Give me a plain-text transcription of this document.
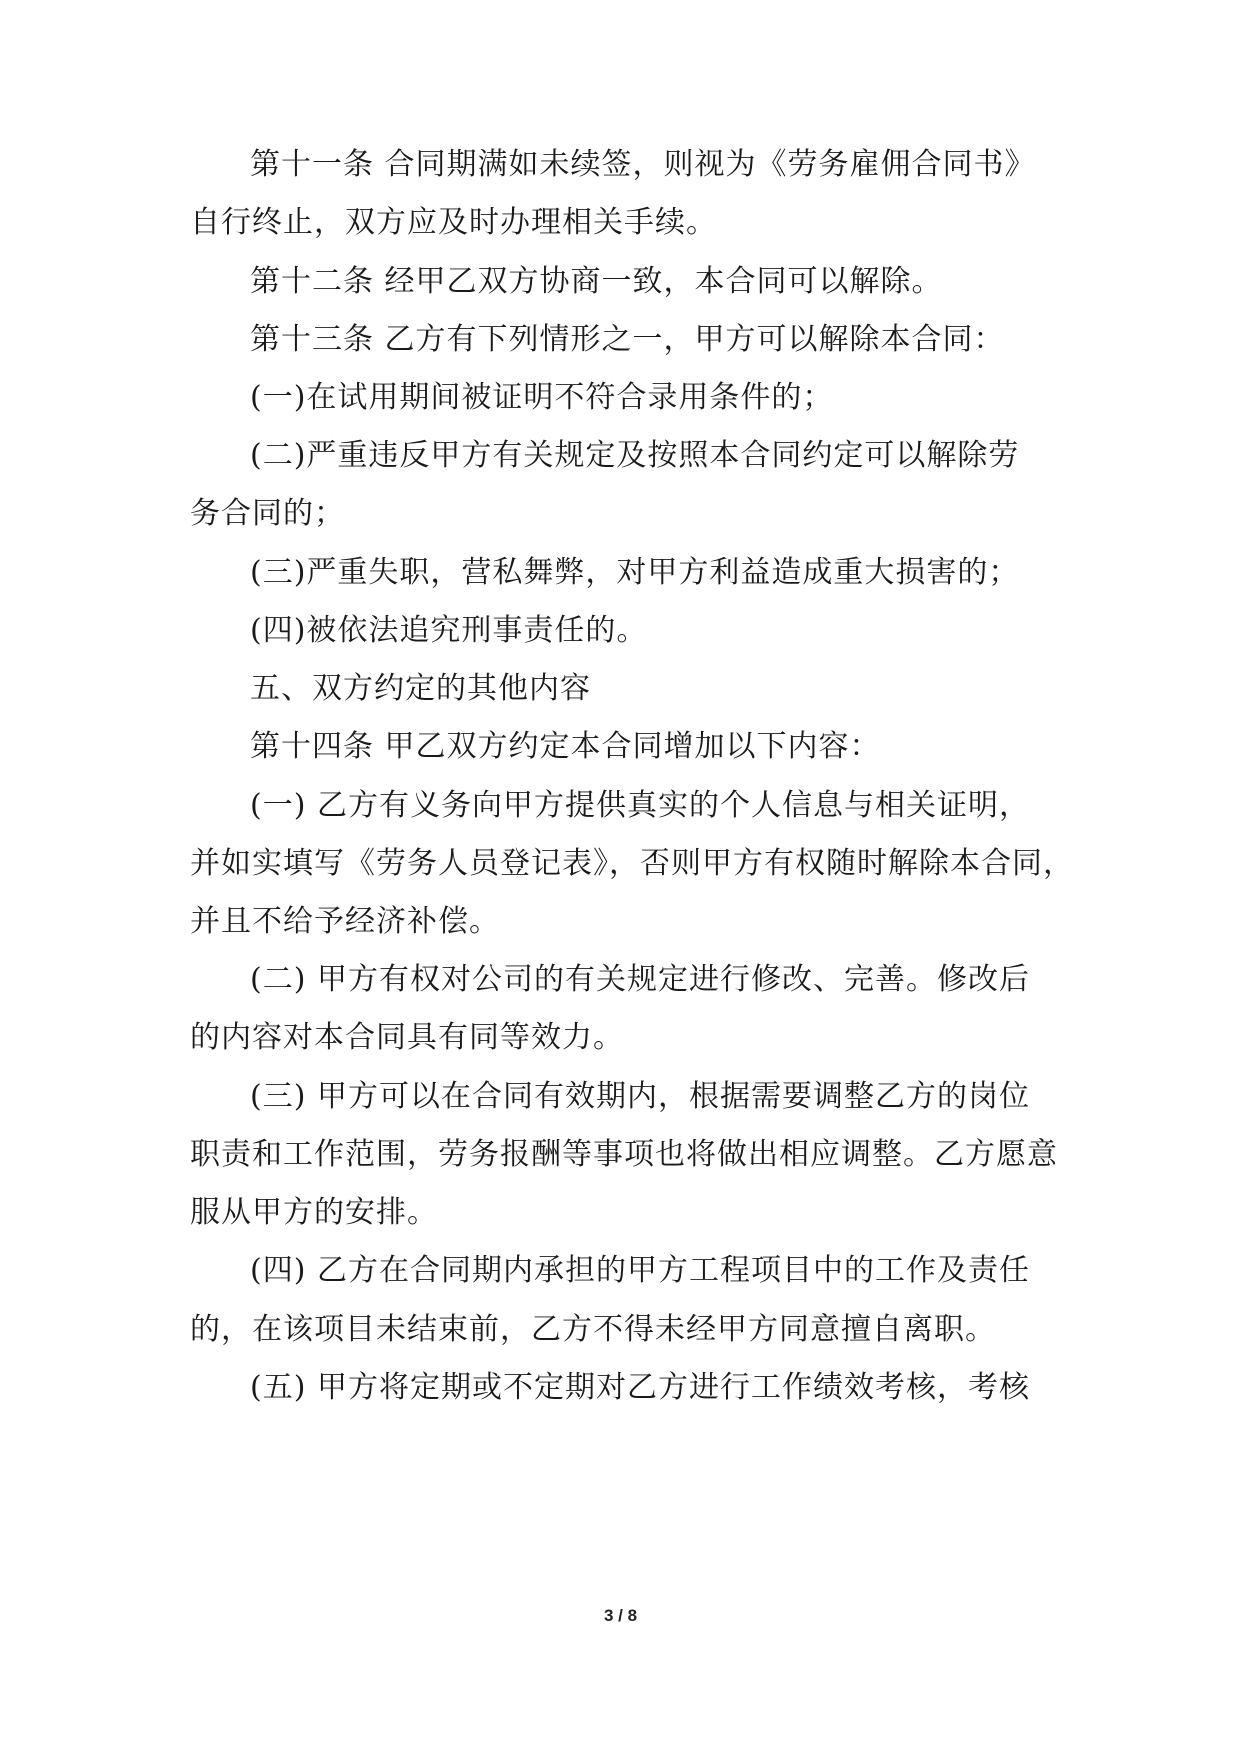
第十一条 合同期满如未续签，则视为《劳务雇佣合同书》
自行终止，双方应及时办理相关手续。
第十二条 经甲乙双方协商一致，本合同可以解除。
第十三条 乙方有下列情形之一，甲方可以解除本合同：
(一)在试用期间被证明不符合录用条件的；
(二)严重违反甲方有关规定及按照本合同约定可以解除劳
务合同的；
(三)严重失职，营私舞弊，对甲方利益造成重大损害的；
(四)被依法追究刑事责任的。
五、双方约定的其他内容
第十四条 甲乙双方约定本合同增加以下内容：
(一) 乙方有义务向甲方提供真实的个人信息与相关证明，
并如实填写《劳务人员登记表》，否则甲方有权随时解除本合同，
并且不给予经济补偿。
(二) 甲方有权对公司的有关规定进行修改、完善。修改后
的内容对本合同具有同等效力。
(三) 甲方可以在合同有效期内，根据需要调整乙方的岗位
职责和工作范围，劳务报酬等事项也将做出相应调整。乙方愿意
服从甲方的安排。
(四) 乙方在合同期内承担的甲方工程项目中的工作及责任
的，在该项目未结束前，乙方不得未经甲方同意擅自离职。
(五) 甲方将定期或不定期对乙方进行工作绩效考核，考核
3 / 8
